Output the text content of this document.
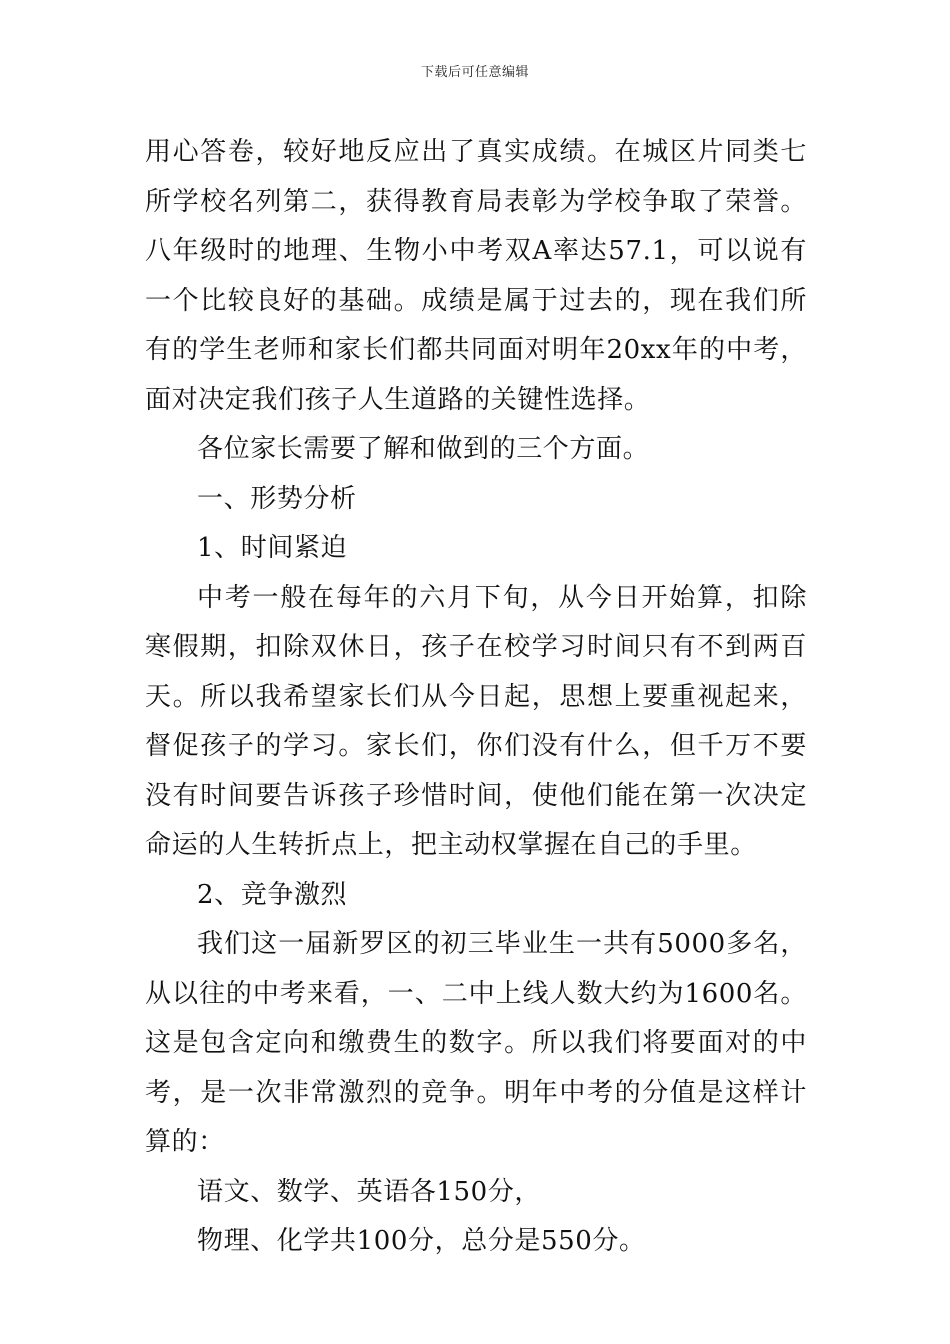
下载后可任意编辑

用心答卷，较好地反应出了真实成绩。在城区片同类七所学校名列第二，获得教育局表彰为学校争取了荣誉。八年级时的地理、生物小中考双A率达57.1，可以说有一个比较良好的基础。成绩是属于过去的，现在我们所有的学生老师和家长们都共同面对明年20xx年的中考，面对决定我们孩子人生道路的关键性选择。

各位家长需要了解和做到的三个方面。

一、形势分析

1、时间紧迫

中考一般在每年的六月下旬，从今日开始算，扣除寒假期，扣除双休日，孩子在校学习时间只有不到两百天。所以我希望家长们从今日起，思想上要重视起来，督促孩子的学习。家长们，你们没有什么，但千万不要没有时间要告诉孩子珍惜时间，使他们能在第一次决定命运的人生转折点上，把主动权掌握在自己的手里。

2、竞争激烈

我们这一届新罗区的初三毕业生一共有5000多名，从以往的中考来看，一、二中上线人数大约为1600名。这是包含定向和缴费生的数字。所以我们将要面对的中考，是一次非常激烈的竞争。明年中考的分值是这样计算的：

语文、数学、英语各150分，

物理、化学共100分，总分是550分。
